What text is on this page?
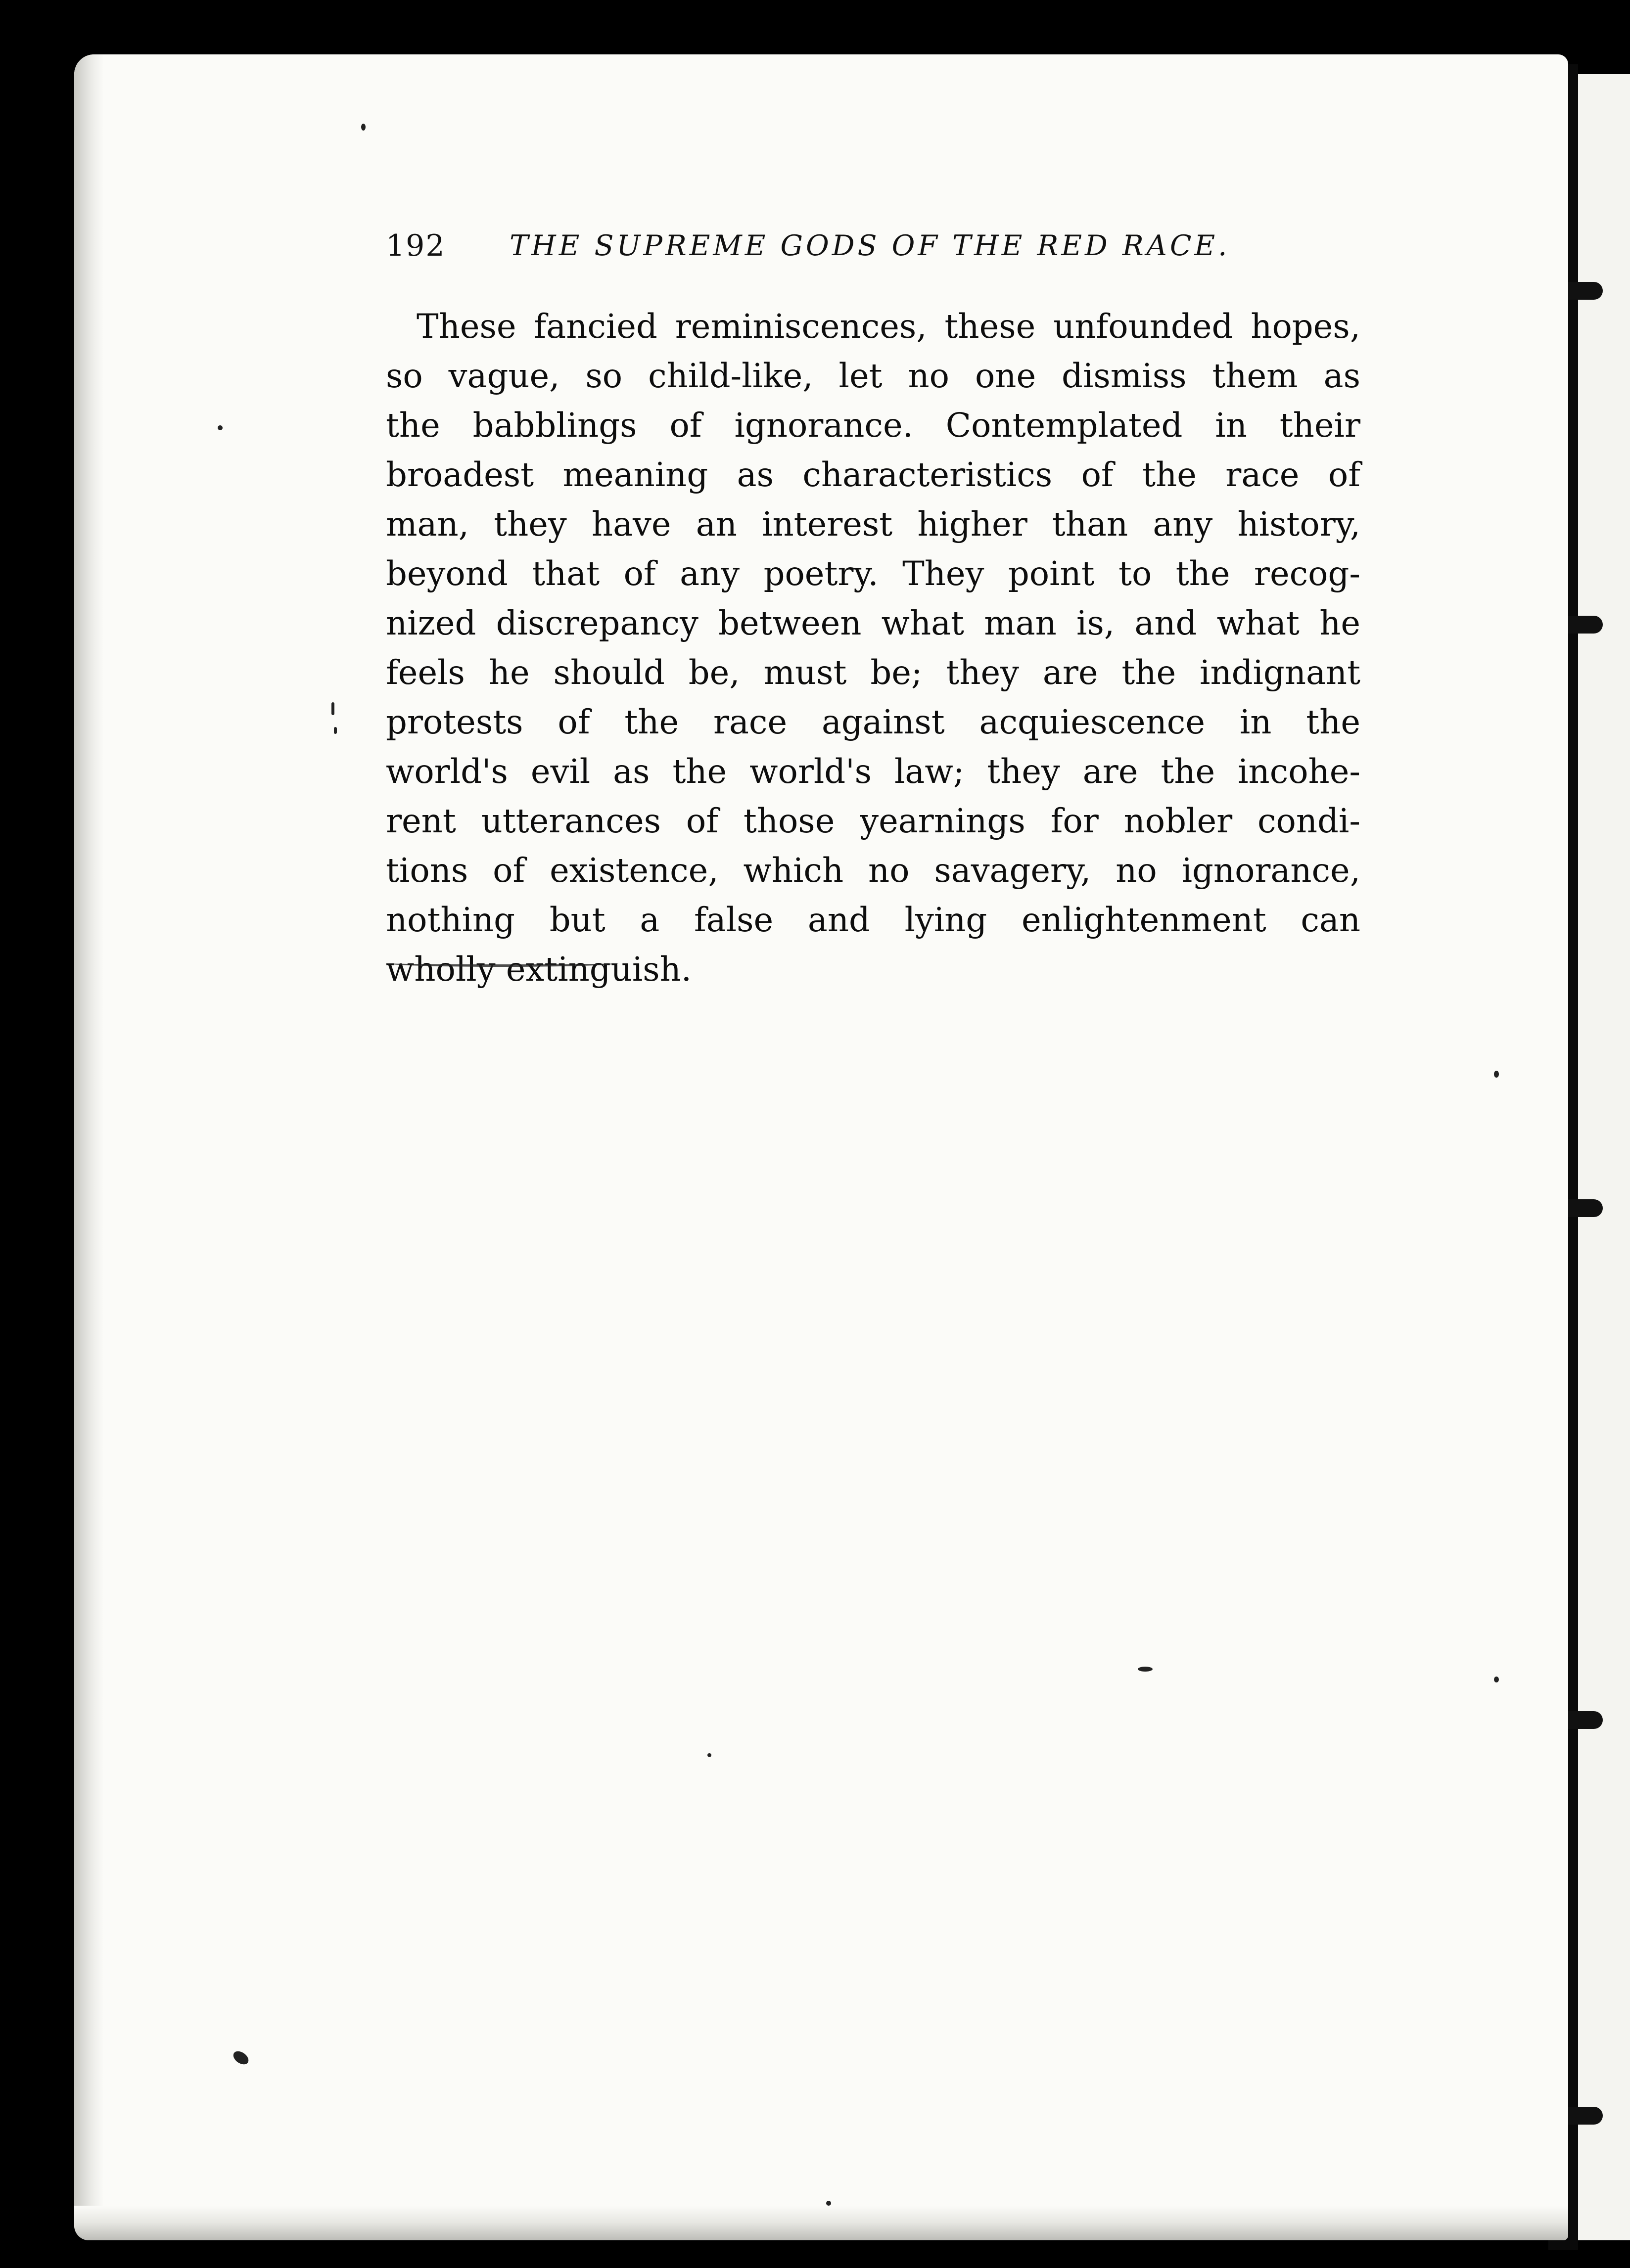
192 THE SUPREME GODS OF THE RED RACE.
These fancied reminiscences, these unfounded hopes,
so vague, so child-like, let no one dismiss them as
the babblings of ignorance. Contemplated in their
broadest meaning as characteristics of the race of
man, they have an interest higher than any history,
beyond that of any poetry. They point to the recog-
nized discrepancy between what man is, and what he
feels he should be, must be; they are the indignant
protests of the race against acquiescence in the
world's evil as the world's law; they are the incohe-
rent utterances of those yearnings for nobler condi-
tions of existence, which no savagery, no ignorance,
nothing but a false and lying enlightenment can
wholly extinguish.
